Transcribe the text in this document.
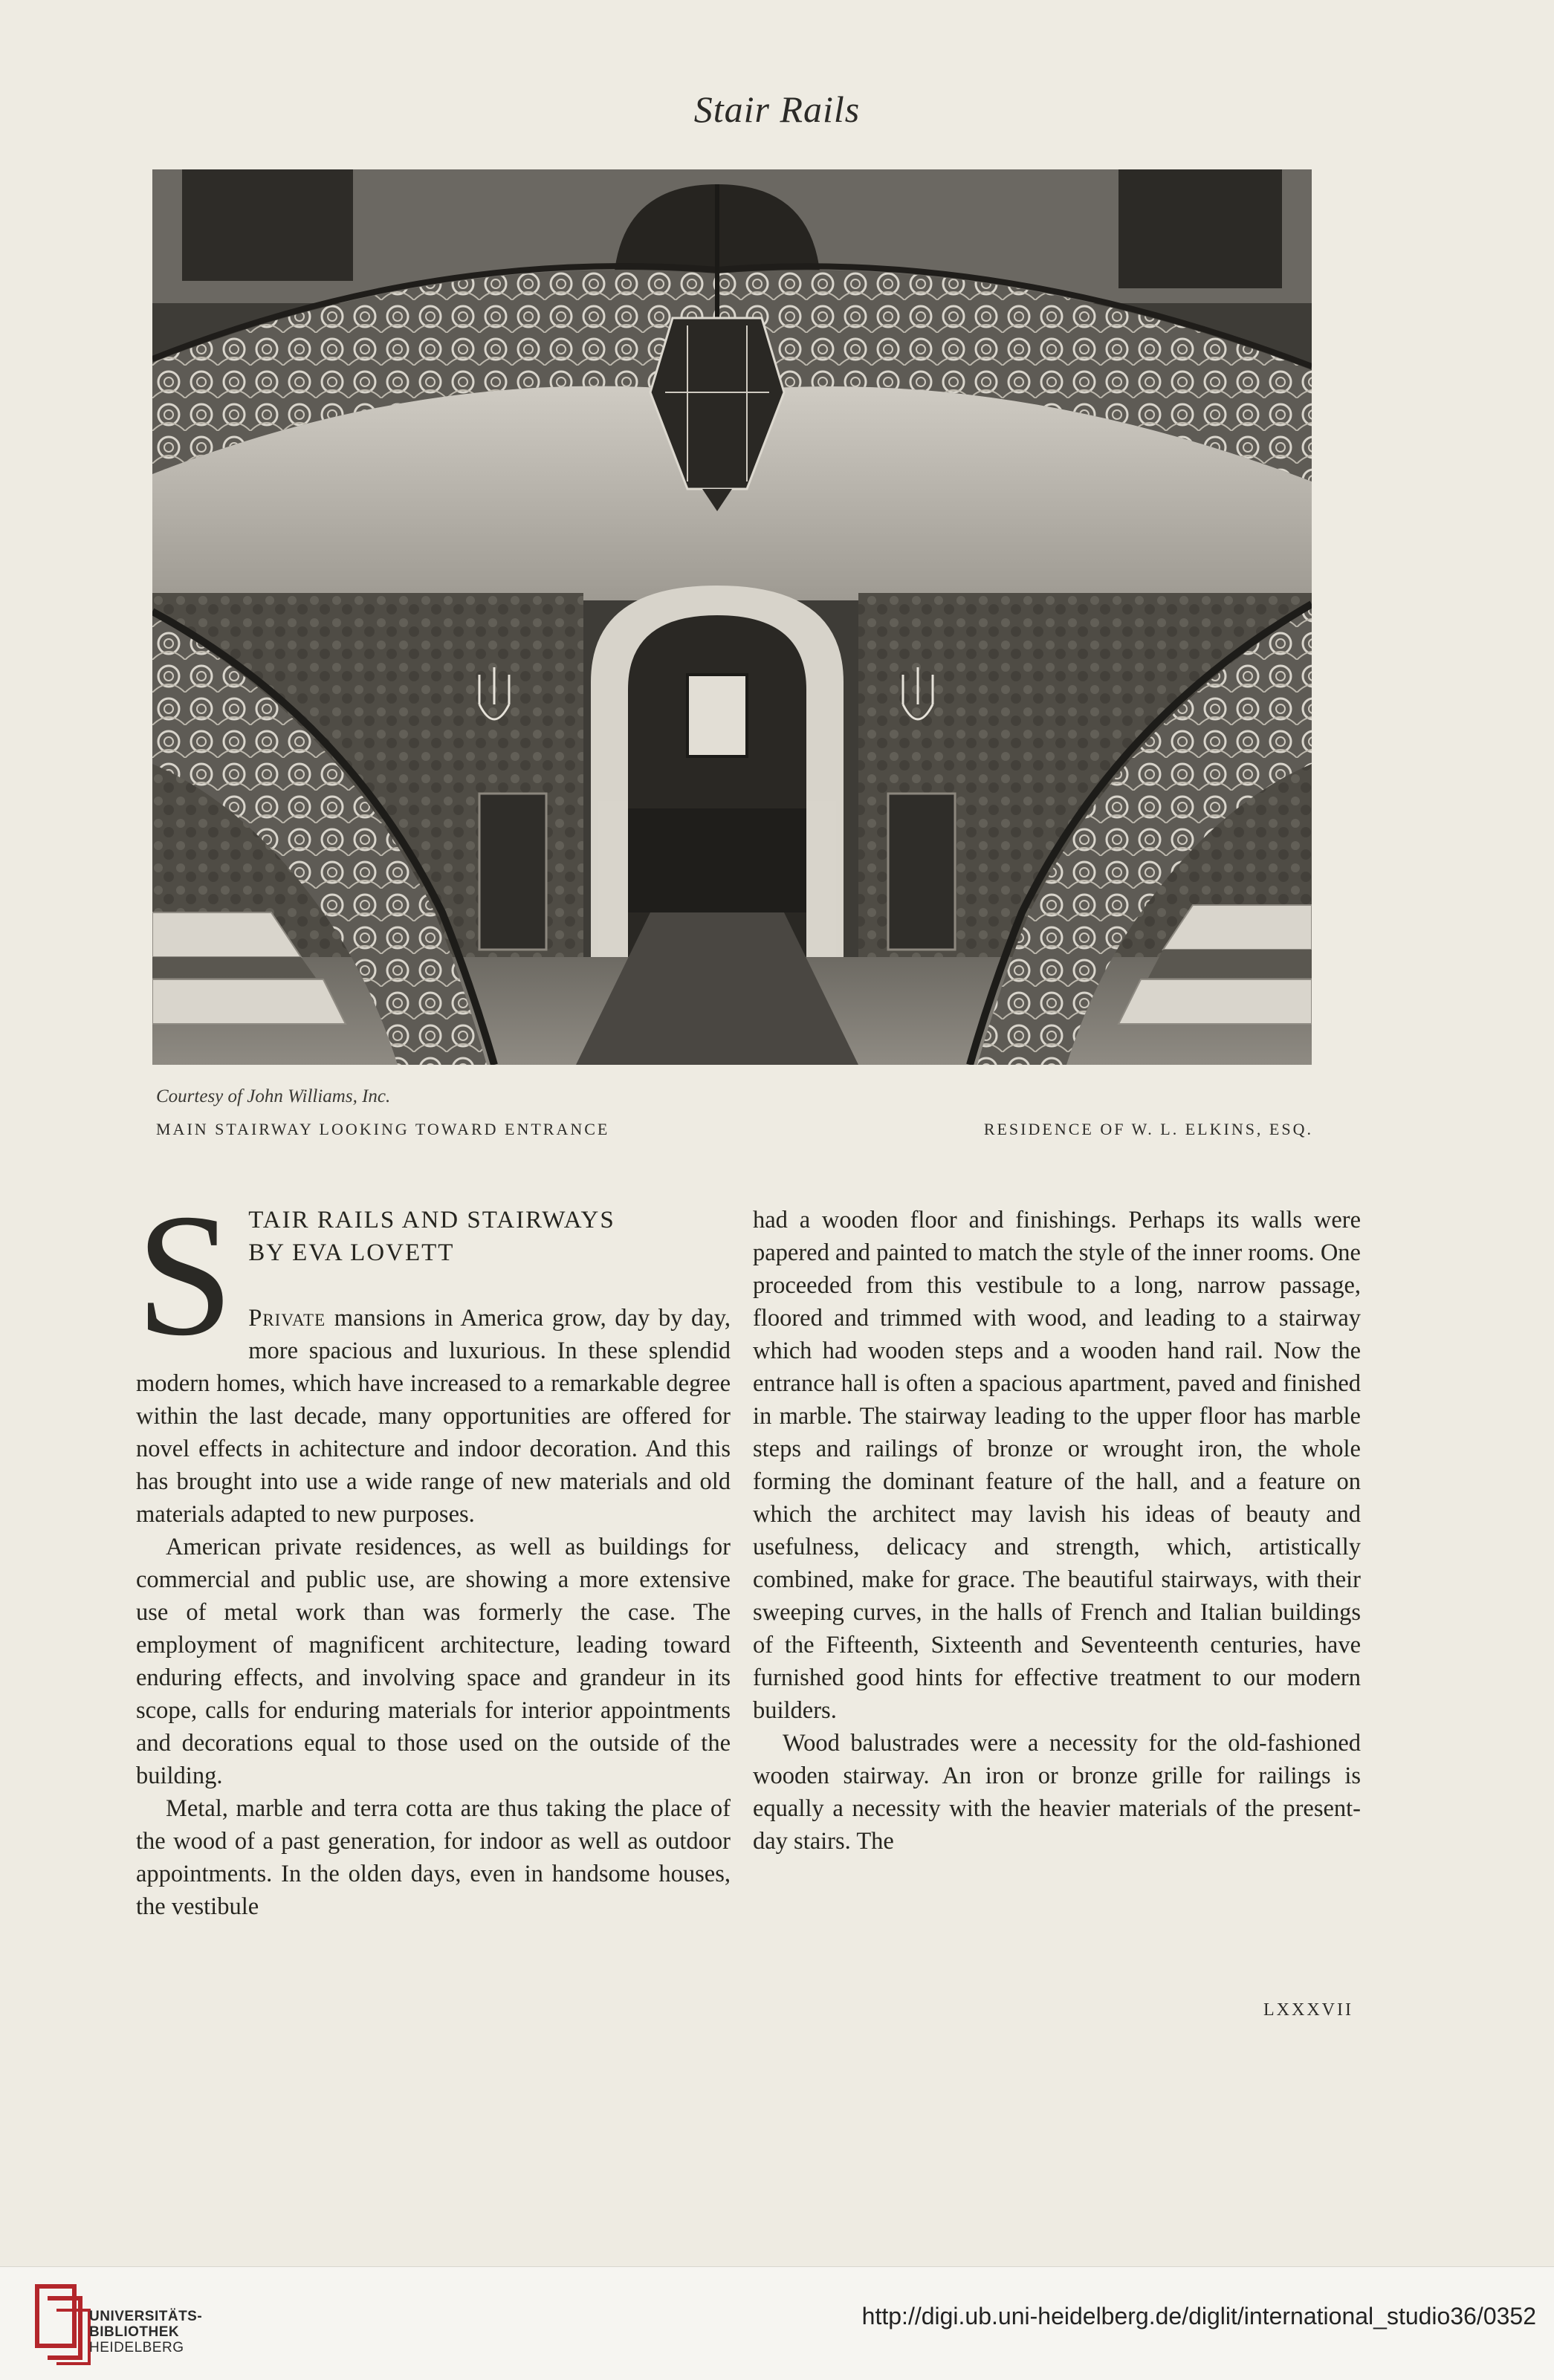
Stair Rails
Courtesy of John Williams, Inc.
MAIN STAIRWAY LOOKING TOWARD ENTRANCE	RESIDENCE OF W. L. ELKINS, ESQ.
S TAIR RAILS AND STAIRWAYS
BY EVA LOVETT

Private mansions in America grow, day by day, more spacious and luxurious. In these splendid modern homes, which have increased to a remarkable degree within the last decade, many opportunities are offered for novel effects in achitecture and indoor decoration. And this has brought into use a wide range of new materials and old materials adapted to new purposes.

American private residences, as well as buildings for commercial and public use, are showing a more extensive use of metal work than was formerly the case. The employment of magnificent architecture, leading toward enduring effects, and involving space and grandeur in its scope, calls for enduring materials for interior appointments and decorations equal to those used on the outside of the building.

Metal, marble and terra cotta are thus taking the place of the wood of a past generation, for indoor as well as outdoor appointments. In the olden days, even in handsome houses, the vestibule

had a wooden floor and finishings. Perhaps its walls were papered and painted to match the style of the inner rooms. One proceeded from this vestibule to a long, narrow passage, floored and trimmed with wood, and leading to a stairway which had wooden steps and a wooden hand rail. Now the entrance hall is often a spacious apartment, paved and finished in marble. The stairway leading to the upper floor has marble steps and railings of bronze or wrought iron, the whole forming the dominant feature of the hall, and a feature on which the architect may lavish his ideas of beauty and usefulness, delicacy and strength, which, artistically combined, make for grace. The beautiful stairways, with their sweeping curves, in the halls of French and Italian buildings of the Fifteenth, Sixteenth and Seventeenth centuries, have furnished good hints for effective treatment to our modern builders.

Wood balustrades were a necessity for the old-fashioned wooden stairway. An iron or bronze grille for railings is equally a necessity with the heavier materials of the present-day stairs. The

LXXXVII
UNIVERSITÄTS-
BIBLIOTHEK
HEIDELBERG
http://digi.ub.uni-heidelberg.de/diglit/international_studio36/0352
